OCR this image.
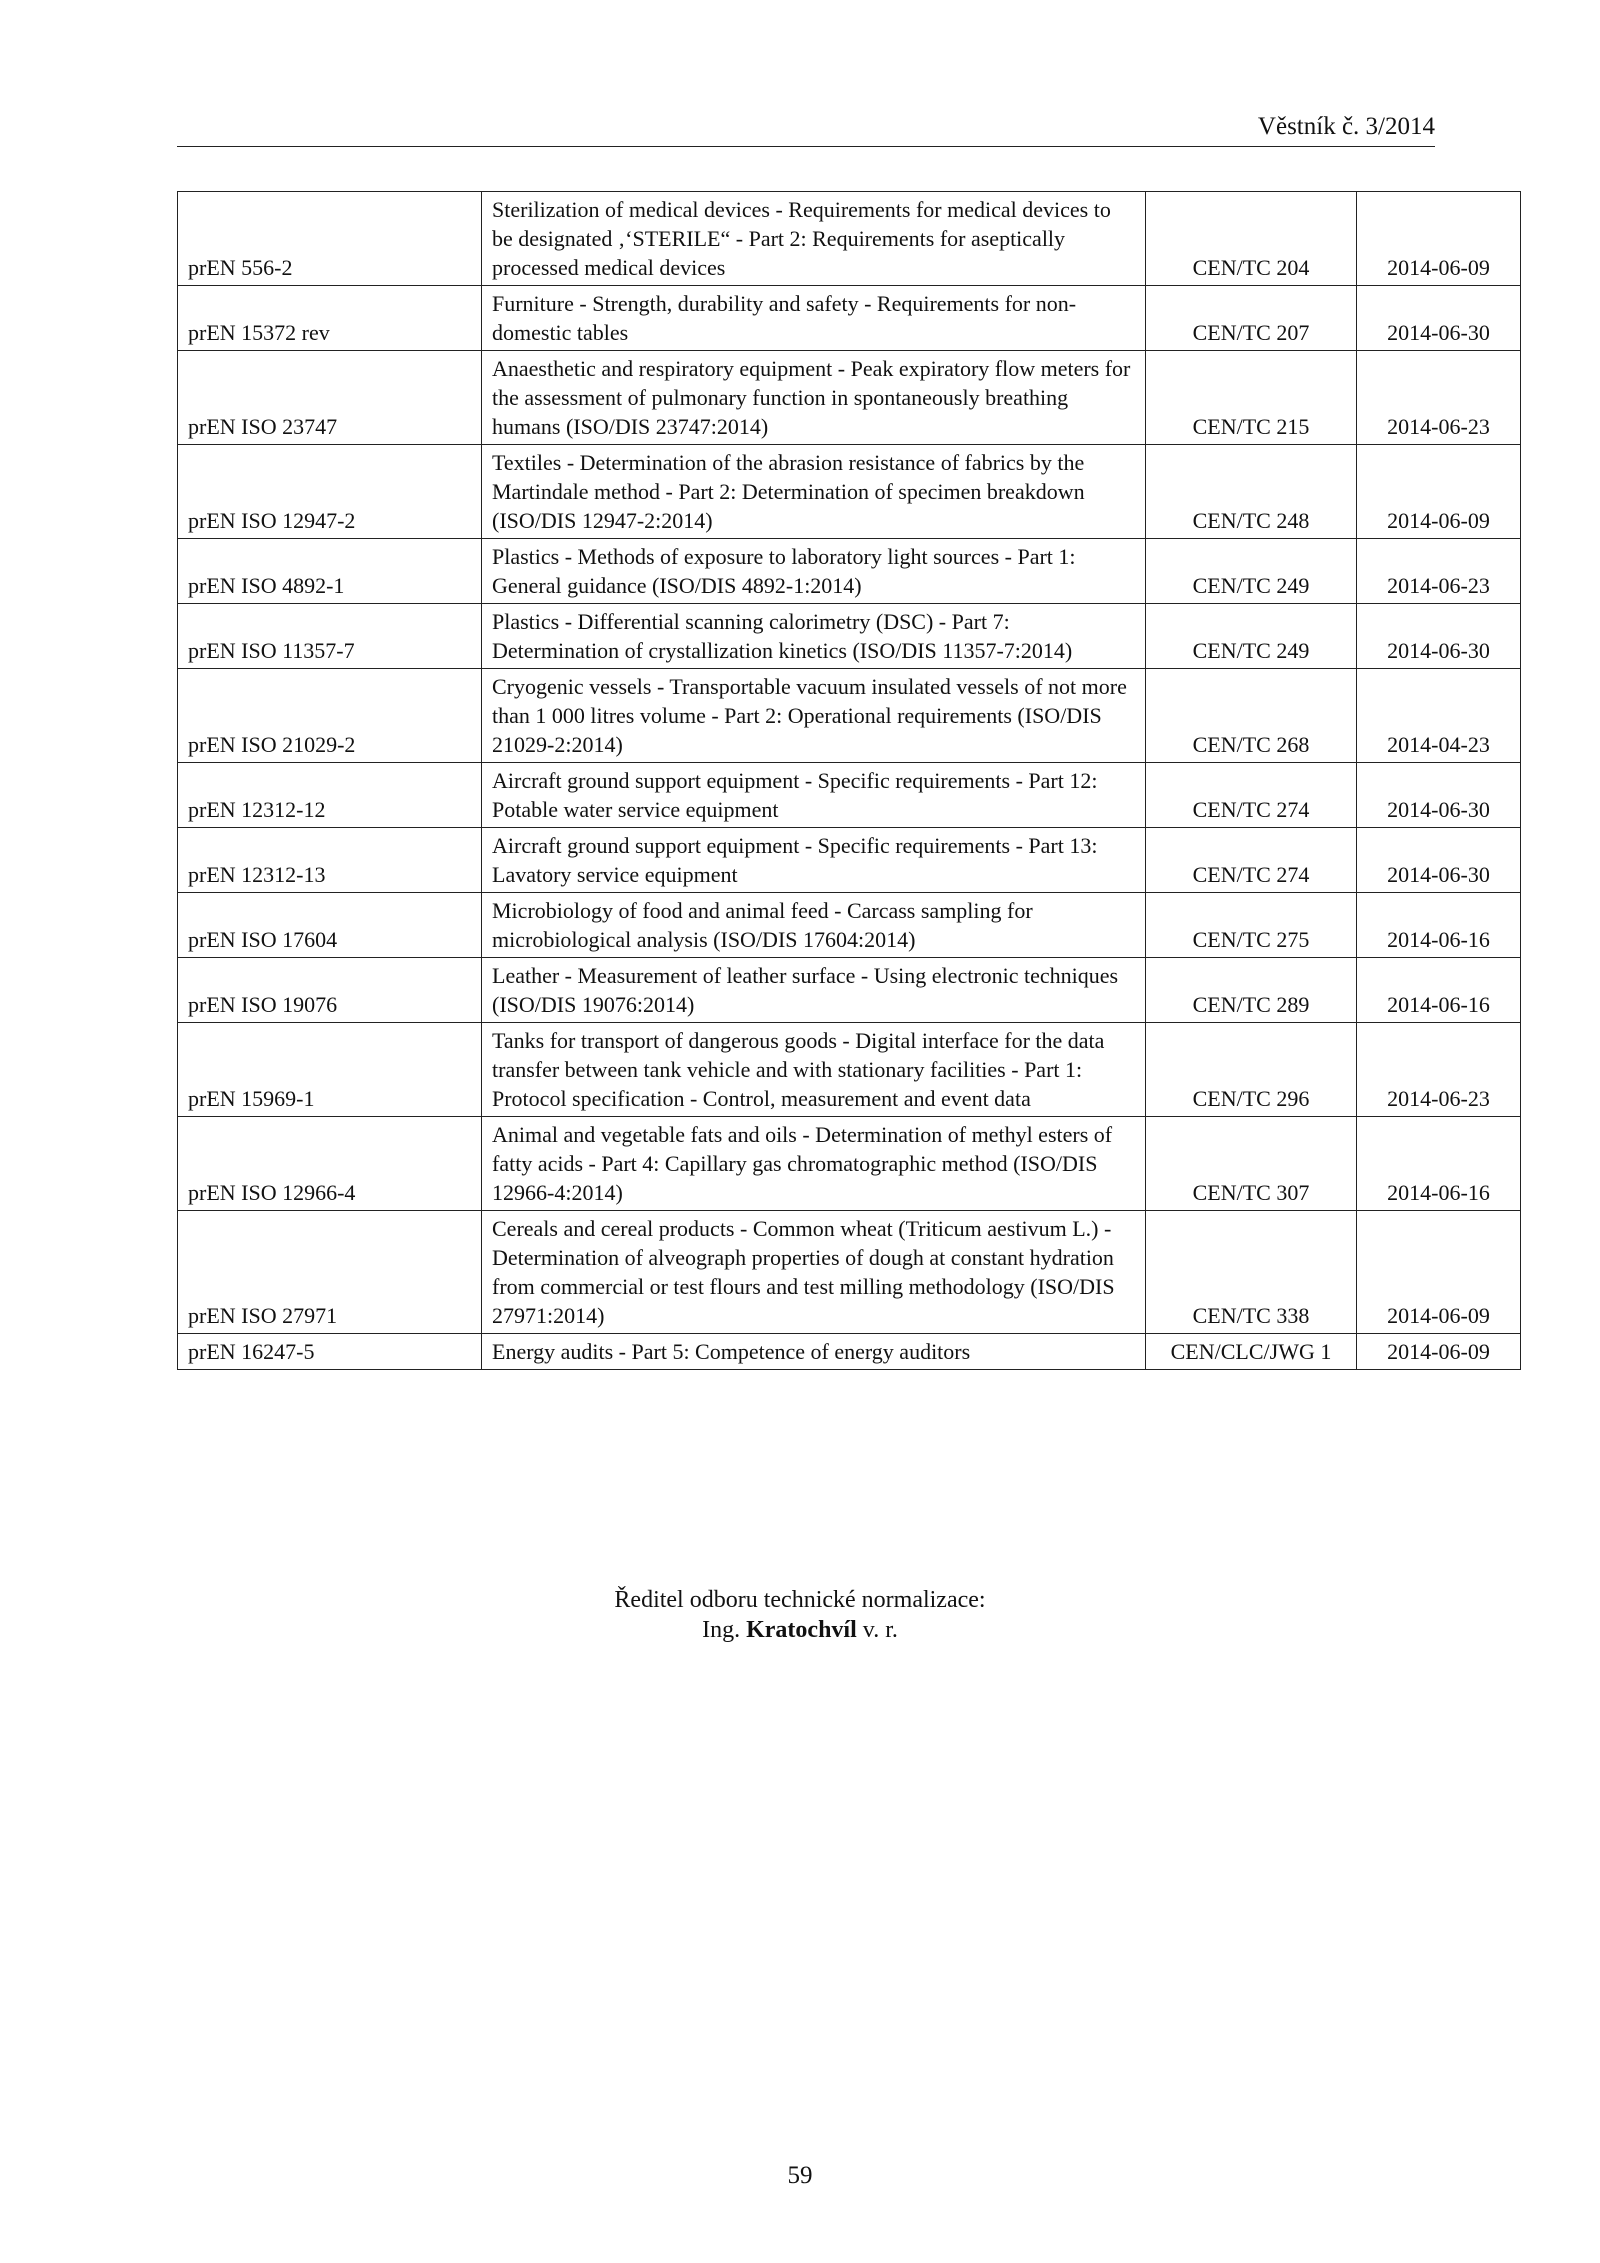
Věstník č. 3/2014
prEN 556-2	Sterilization of medical devices - Requirements for medical devices to be designated ‚‘STERILE“ - Part 2: Requirements for aseptically processed medical devices	CEN/TC 204	2014-06-09
prEN 15372 rev	Furniture - Strength, durability and safety - Requirements for non-domestic tables	CEN/TC 207	2014-06-30
prEN ISO 23747	Anaesthetic and respiratory equipment - Peak expiratory flow meters for the assessment of pulmonary function in spontaneously breathing humans (ISO/DIS 23747:2014)	CEN/TC 215	2014-06-23
prEN ISO 12947-2	Textiles - Determination of the abrasion resistance of fabrics by the Martindale method - Part 2: Determination of specimen breakdown (ISO/DIS 12947-2:2014)	CEN/TC 248	2014-06-09
prEN ISO 4892-1	Plastics - Methods of exposure to laboratory light sources - Part 1: General guidance (ISO/DIS 4892-1:2014)	CEN/TC 249	2014-06-23
prEN ISO 11357-7	Plastics - Differential scanning calorimetry (DSC) - Part 7: Determination of crystallization kinetics (ISO/DIS 11357-7:2014)	CEN/TC 249	2014-06-30
prEN ISO 21029-2	Cryogenic vessels - Transportable vacuum insulated vessels of not more than 1 000 litres volume - Part 2: Operational requirements (ISO/DIS 21029-2:2014)	CEN/TC 268	2014-04-23
prEN 12312-12	Aircraft ground support equipment - Specific requirements - Part 12: Potable water service equipment	CEN/TC 274	2014-06-30
prEN 12312-13	Aircraft ground support equipment - Specific requirements - Part 13: Lavatory service equipment	CEN/TC 274	2014-06-30
prEN ISO 17604	Microbiology of food and animal feed - Carcass sampling for microbiological analysis (ISO/DIS 17604:2014)	CEN/TC 275	2014-06-16
prEN ISO 19076	Leather - Measurement of leather surface - Using electronic techniques (ISO/DIS 19076:2014)	CEN/TC 289	2014-06-16
prEN 15969-1	Tanks for transport of dangerous goods - Digital interface for the data transfer between tank vehicle and with stationary facilities - Part 1: Protocol specification - Control, measurement and event data	CEN/TC 296	2014-06-23
prEN ISO 12966-4	Animal and vegetable fats and oils - Determination of methyl esters of fatty acids - Part 4: Capillary gas chromatographic method (ISO/DIS 12966-4:2014)	CEN/TC 307	2014-06-16
prEN ISO 27971	Cereals and cereal products - Common wheat (Triticum aestivum L.) - Determination of alveograph properties of dough at constant hydration from commercial or test flours and test milling methodology (ISO/DIS 27971:2014)	CEN/TC 338	2014-06-09
prEN 16247-5	Energy audits - Part 5: Competence of energy auditors	CEN/CLC/JWG 1	2014-06-09
Ředitel odboru technické normalizace:
Ing. Kratochvíl v. r.
59
